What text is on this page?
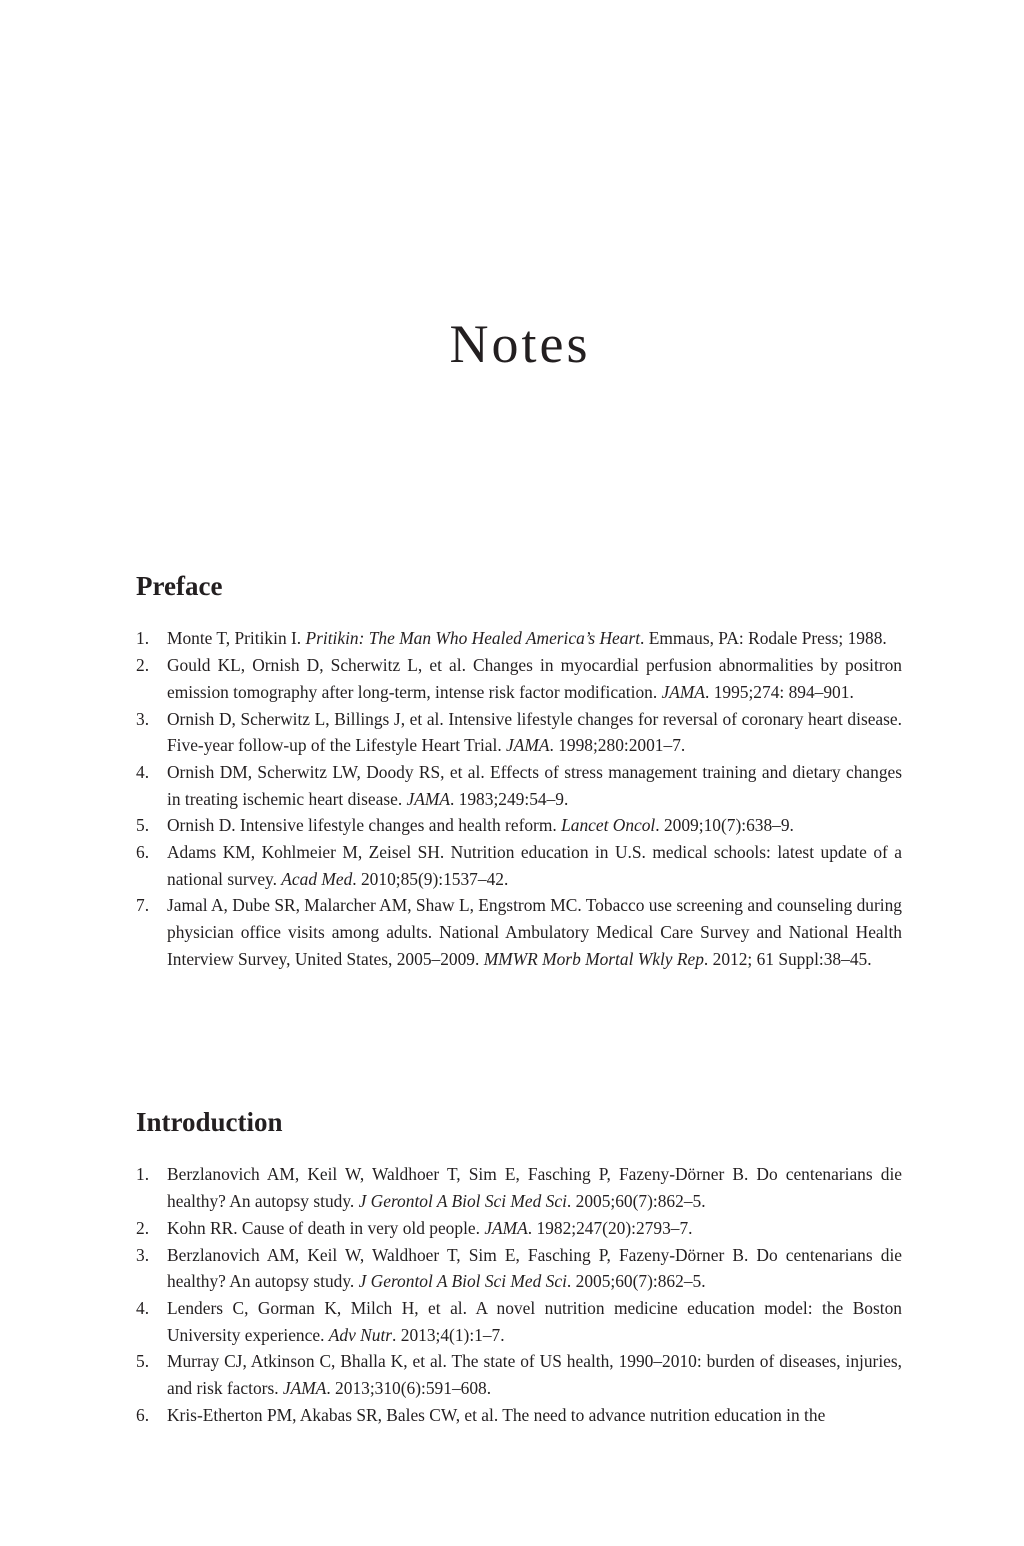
Notes
Preface
1. Monte T, Pritikin I. Pritikin: The Man Who Healed America’s Heart. Emmaus, PA: Rodale Press; 1988.
2. Gould KL, Ornish D, Scherwitz L, et al. Changes in myocardial perfusion abnormalities by positron emission tomography after long-term, intense risk factor modification. JAMA. 1995;274: 894–901.
3. Ornish D, Scherwitz L, Billings J, et al. Intensive lifestyle changes for reversal of coronary heart disease. Five-year follow-up of the Lifestyle Heart Trial. JAMA. 1998;280:2001–7.
4. Ornish DM, Scherwitz LW, Doody RS, et al. Effects of stress management training and dietary changes in treating ischemic heart disease. JAMA. 1983;249:54–9.
5. Ornish D. Intensive lifestyle changes and health reform. Lancet Oncol. 2009;10(7):638–9.
6. Adams KM, Kohlmeier M, Zeisel SH. Nutrition education in U.S. medical schools: latest update of a national survey. Acad Med. 2010;85(9):1537–42.
7. Jamal A, Dube SR, Malarcher AM, Shaw L, Engstrom MC. Tobacco use screening and counseling during physician office visits among adults. National Ambulatory Medical Care Survey and National Health Interview Survey, United States, 2005–2009. MMWR Morb Mortal Wkly Rep. 2012; 61 Suppl:38–45.
Introduction
1. Berzlanovich AM, Keil W, Waldhoer T, Sim E, Fasching P, Fazeny-Dörner B. Do centenarians die healthy? An autopsy study. J Gerontol A Biol Sci Med Sci. 2005;60(7):862–5.
2. Kohn RR. Cause of death in very old people. JAMA. 1982;247(20):2793–7.
3. Berzlanovich AM, Keil W, Waldhoer T, Sim E, Fasching P, Fazeny-Dörner B. Do centenarians die healthy? An autopsy study. J Gerontol A Biol Sci Med Sci. 2005;60(7):862–5.
4. Lenders C, Gorman K, Milch H, et al. A novel nutrition medicine education model: the Boston University experience. Adv Nutr. 2013;4(1):1–7.
5. Murray CJ, Atkinson C, Bhalla K, et al. The state of US health, 1990–2010: burden of diseases, injuries, and risk factors. JAMA. 2013;310(6):591–608.
6. Kris-Etherton PM, Akabas SR, Bales CW, et al. The need to advance nutrition education in the
